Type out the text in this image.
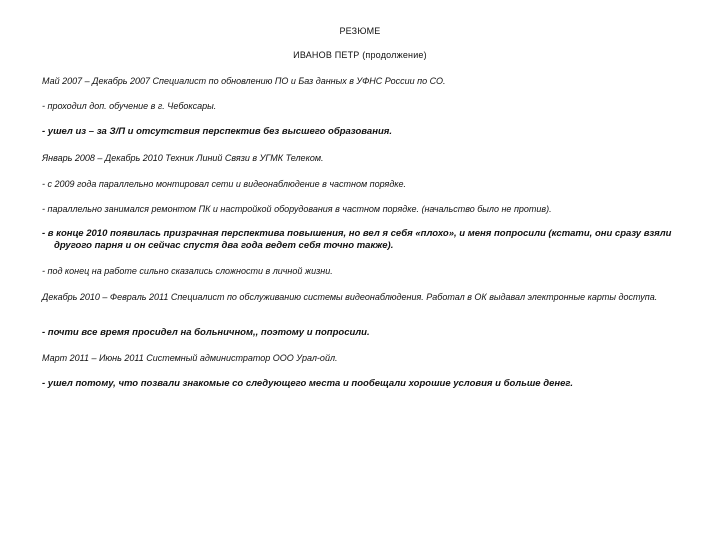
РЕЗЮМЕ
ИВАНОВ ПЕТР (продолжение)
Май 2007 – Декабрь 2007 Специалист по обновлению ПО и Баз данных в УФНС России по СО.
- проходил доп. обучение в г. Чебоксары.
- ушел из – за З/П и отсутствия перспектив без высшего образования.
Январь 2008 – Декабрь 2010 Техник Линий Связи в УГМК Телеком.
- с 2009 года параллельно монтировал сети и видеонаблюдение в частном порядке.
- параллельно занимался ремонтом ПК и настройкой оборудования в частном порядке. (начальство было не против).
- в конце 2010 появилась призрачная перспектива повышения, но вел я себя «плохо», и меня попросили (кстати, они сразу взяли другого парня и он сейчас спустя два года ведет себя точно также).
- под конец на работе сильно сказались сложности в личной жизни.
Декабрь 2010 – Февраль 2011 Специалист по обслуживанию системы видеонаблюдения. Работал в ОК выдавал электронные карты доступа.
- почти все время просидел на больничном,, поэтому и попросили.
Март 2011 – Июнь 2011 Системный администратор ООО Урал-ойл.
- ушел потому, что позвали знакомые со следующего места и пообещали хорошие условия и больше денег.
